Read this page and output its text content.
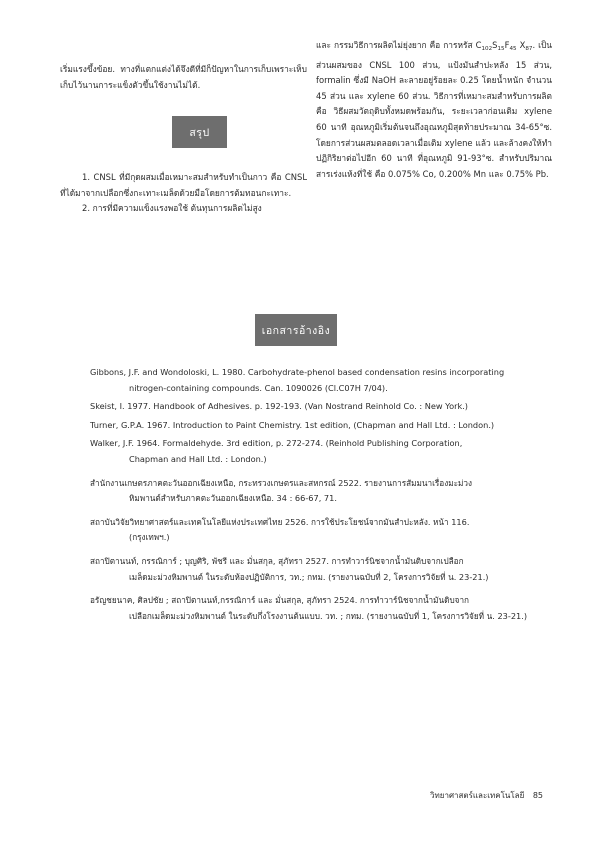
เริ่มแรงขึ้งข้อย. ทางที่แตกแต่งได้จึงดีที่มีก็ปัญหาในการเก็บเพราะเห็บเก็บไว้นานการะแข็งตัวขึ้นใช้งานไม่ได้.

สรุป

1. CNSL ที่มีกุดผสมเมื่อเหมาะสมสำหรับทำเป็นกาว คือ CNSL ที่ได้มาจากเปลือกซึ่งกะเทาะเมล็ดด้วยมือโดยการต้มทอนกะเทาะ.

2. การที่มีความแข็งแรงพอใช้ ต้นทุนการผลิตไม่สูง

และ กรรมวิธีการผลิตไม่ยุ่งยาก คือ การหรัส $C_{102}S_{15}F_{45}$ $X_{87}$. เป็นส่วนผสมของ CNSL 100 ส่วน, แป้งมันสำปะหลัง 15 ส่วน, formalin ซึ่งมี NaOH ละลายอยู่ร้อยละ 0.25 โดยน้ำหนัก จำนวน 45 ส่วน และ xylene 60 ส่วน. วิธีการที่เหมาะสมสำหรับการผลิตคือ วิธีผสมวัตถุดิบทั้งหมดพร้อมกัน, ระยะเวลาก่อนเติม xylene 60 นาที อุณหภูมิเริ่มต้นจนถึงอุณหภูมิสุดท้ายประมาณ 34-65°ซ. โดยการส่วนผสมตลอดเวลาเมื่อเติม xylene แล้ว และล้างคงให้ทำปฏิกิริยาต่อไปอีก 60 นาที ที่อุณหภูมิ 91-93°ซ. สำหรับปริมาณสารเร่งแห้งที่ใช้ คือ 0.075% Co, 0.200% Mn และ 0.75% Pb.

เอกสารอ้างอิง

Gibbons, J.F. and Wondoloski, L. 1980. Carbohydrate-phenol based condensation resins incorporating
nitrogen-containing compounds. Can. 1090026 (Cl.C07H 7/04).

Skeist, I. 1977. Handbook of Adhesives. p. 192-193. (Van Nostrand Reinhold Co. : New York.)

Turner, G.P.A. 1967. Introduction to Paint Chemistry. 1st edition, (Chapman and Hall Ltd. : London.)

Walker, J.F. 1964. Formaldehyde. 3rd edition, p. 272-274. (Reinhold Publishing Corporation,
Chapman and Hall Ltd. : London.)

สำนักงานเกษตรภาคตะวันออกเฉียงเหนือ, กระทรวงเกษตรและสหกรณ์ 2522. รายงานการสัมมนาเรื่องมะม่วง
หิมพานต์สำหรับภาคตะวันออกเฉียงเหนือ. 34 : 66-67, 71.

สถาบันวิจัยวิทยาศาสตร์และเทคโนโลยีแห่งประเทศไทย 2526. การใช้ประโยชน์จากมันสำปะหลัง. หน้า 116.
(กรุงเทพฯ.)

สถาปิตานนท์, กรรณิการ์ ; บุญศิริ, พัชรี และ มั่นสกุล, สุภัทรา 2527. การทำวาร์นิชจากน้ำมันดิบจากเปลือก
เมล็ดมะม่วงหิมพานต์ ในระดับห้องปฏิบัติการ, วท.; กทม. (รายงานฉบับที่ 2, โครงการวิจัยที่ น. 23-21.)

อรัญชยนาค, ศิลปชัย ; สถาปิตานนท์,กรรณิการ์ และ มั่นสกุล, สุภัทรา 2524. การทำวาร์นิชจากน้ำมันดิบจาก
เปลือกเมล็ดมะม่วงหิมพานต์ ในระดับกึ่งโรงงานต้นแบบ. วท. ; กทม. (รายงานฉบับที่ 1, โครงการวิจัยที่ น. 23-21.)

วิทยาศาสตร์และเทคโนโลยี 85
